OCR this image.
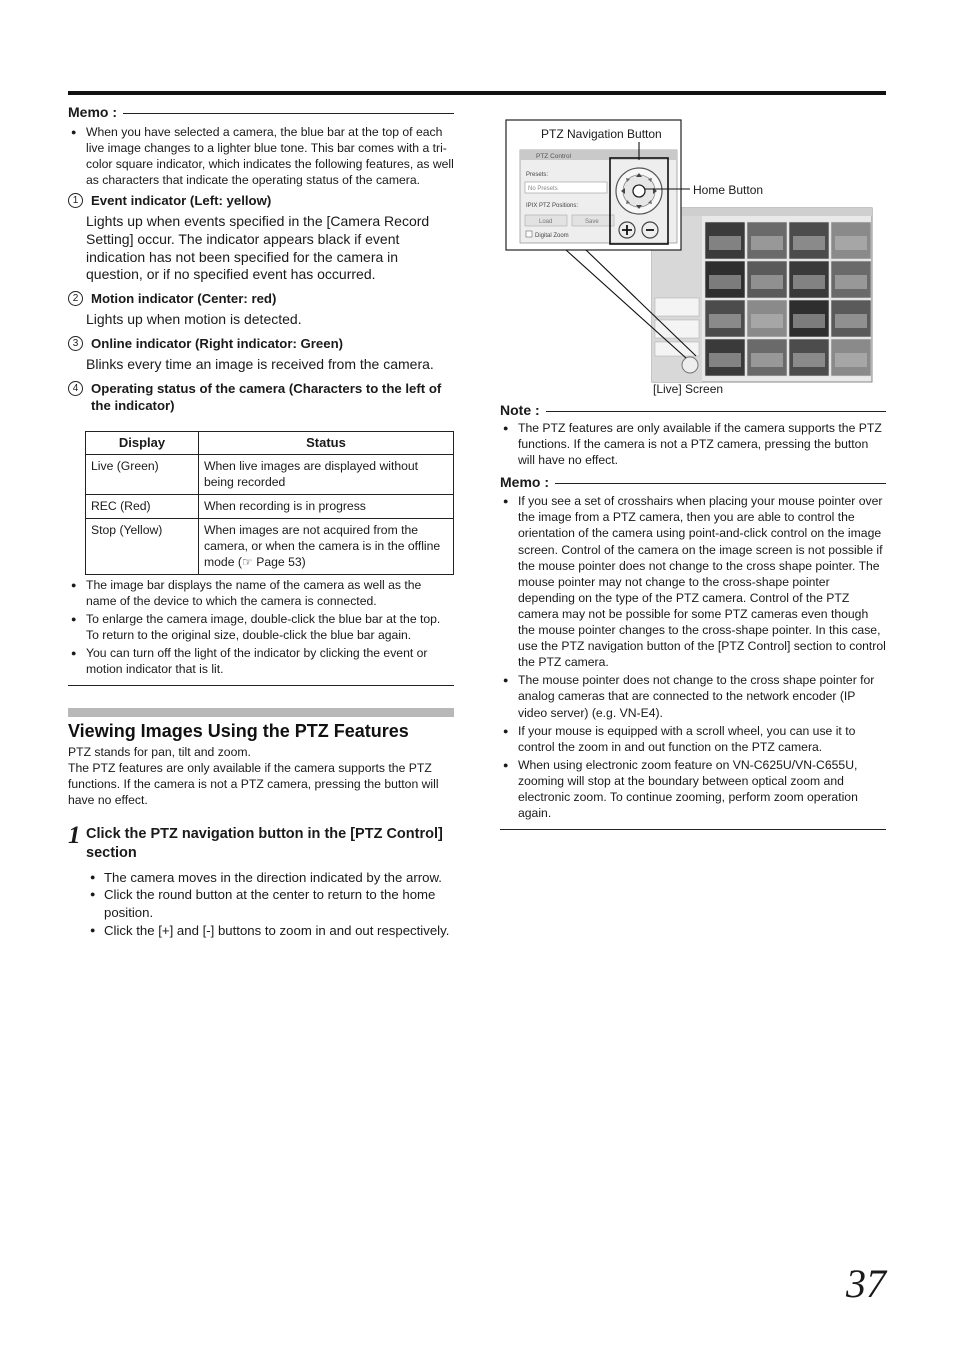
Memo :
● When you have selected a camera, the blue bar at the top of each live image changes to a lighter blue tone. This bar comes with a tri-color square indicator, which indicates the following features, as well as characters that indicate the operating status of the camera.
1 Event indicator (Left: yellow)
Lights up when events specified in the [Camera Record Setting] occur. The indicator appears black if event indication has not been specified for the camera in question, or if no specified event has occurred.
2 Motion indicator (Center: red)
Lights up when motion is detected.
3 Online indicator (Right indicator: Green)
Blinks every time an image is received from the camera.
4 Operating status of the camera (Characters to the left of the indicator)
Display	Status
Live (Green)	When live images are displayed without being recorded
REC (Red)	When recording is in progress
Stop (Yellow)	When images are not acquired from the camera, or when the camera is in the offline mode (☞ Page 53)
● The image bar displays the name of the camera as well as the name of the device to which the camera is connected.
● To enlarge the camera image, double-click the blue bar at the top. To return to the original size, double-click the blue bar again.
● You can turn off the light of the indicator by clicking the event or motion indicator that is lit.
Viewing Images Using the PTZ Features
PTZ stands for pan, tilt and zoom.
The PTZ features are only available if the camera supports the PTZ functions. If the camera is not a PTZ camera, pressing the button will have no effect.
1 Click the PTZ navigation button in the [PTZ Control] section
● The camera moves in the direction indicated by the arrow.
● Click the round button at the center to return to the home position.
● Click the [+] and [-] buttons to zoom in and out respectively.
PTZ Control
Presets:
No Presets
IPIX PTZ Positions:
Load	Save
Digital Zoom
PTZ Navigation Button
Home Button
[Live] Screen
Note :
● The PTZ features are only available if the camera supports the PTZ functions. If the camera is not a PTZ camera, pressing the button will have no effect.
Memo :
● If you see a set of crosshairs when placing your mouse pointer over the image from a PTZ camera, then you are able to control the orientation of the camera using point-and-click control on the image screen. Control of the camera on the image screen is not possible if the mouse pointer does not change to the cross shape pointer. The mouse pointer may not change to the cross-shape pointer depending on the type of the PTZ camera. Control of the PTZ camera may not be possible for some PTZ cameras even though the mouse pointer changes to the cross-shape pointer. In this case, use the PTZ navigation button of the [PTZ Control] section to control the PTZ camera.
● The mouse pointer does not change to the cross shape pointer for analog cameras that are connected to the network encoder (IP video server) (e.g. VN-E4).
● If your mouse is equipped with a scroll wheel, you can use it to control the zoom in and out function on the PTZ camera.
● When using electronic zoom feature on VN-C625U/VN-C655U, zooming will stop at the boundary between optical zoom and electronic zoom. To continue zooming, perform zoom operation again.
37
